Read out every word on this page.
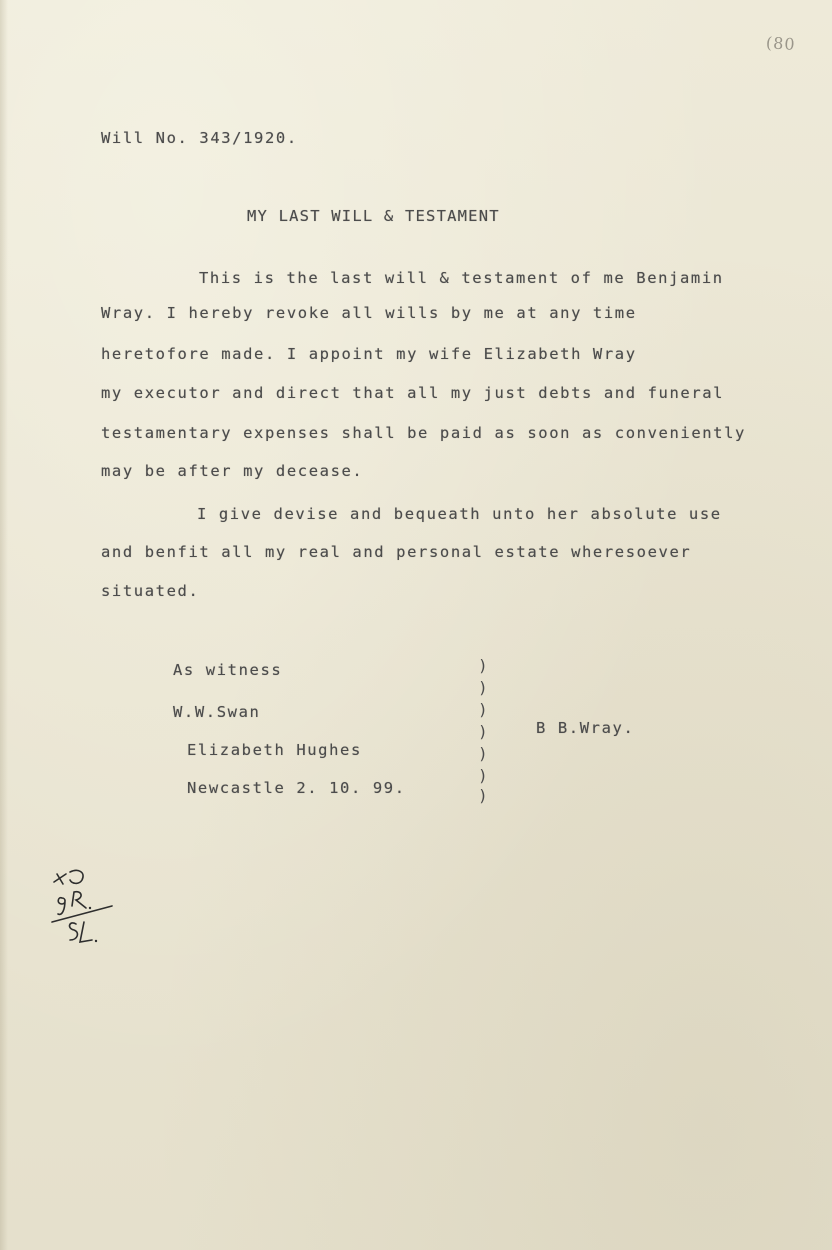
(80
Will No. 343/1920.
MY LAST WILL & TESTAMENT
This is the last will & testament of me Benjamin
Wray. I hereby revoke all wills by me at any time
heretofore made. I appoint my wife Elizabeth Wray
my executor and direct that all my just debts and funeral
testamentary expenses shall be paid as soon as conveniently
may be after my decease.
I give devise and bequeath unto her absolute use
and benfit all my real and personal estate wheresoever
situated.
As witness
W.W.Swan
Elizabeth Hughes
Newcastle 2. 10. 99.
)
)
)
)
)
)
)
B B.Wray.
